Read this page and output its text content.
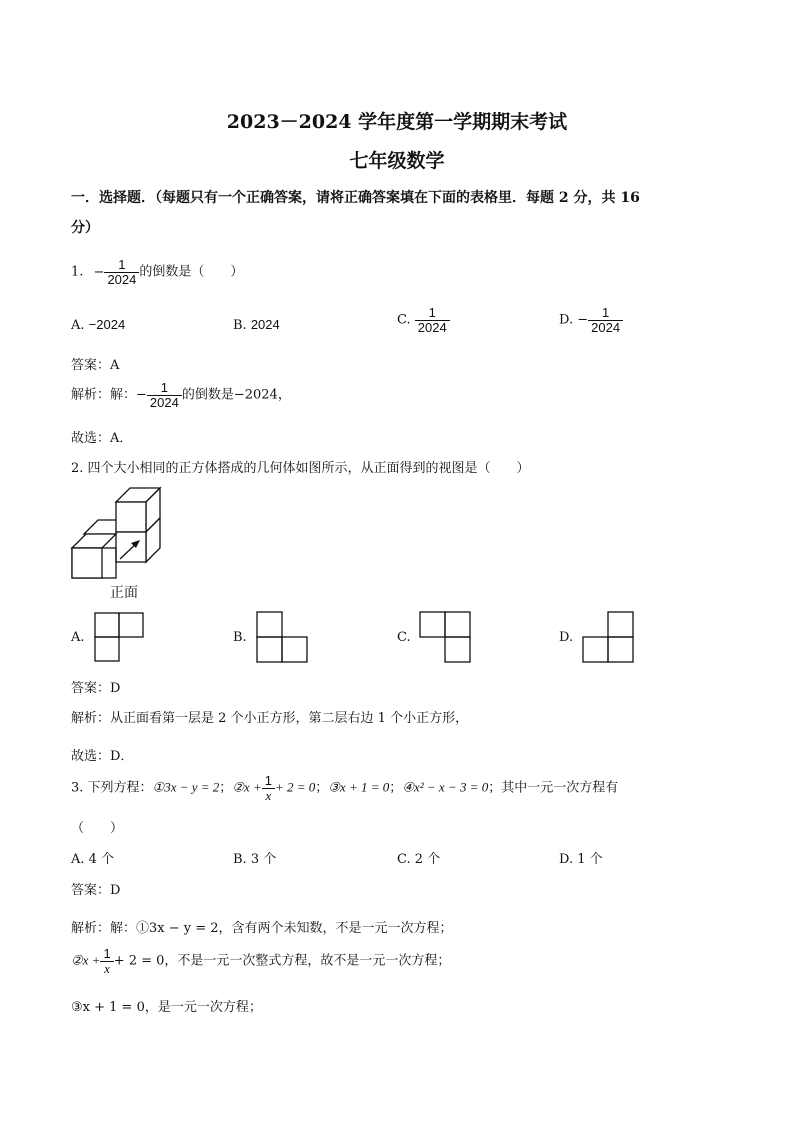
2023－2024 学年度第一学期期末考试
七年级数学
一．选择题．（每题只有一个正确答案，请将正确答案填在下面的表格里．每题 2 分，共 16
分）
1. − $\frac{1}{2024}$ 的倒数是（　　）
A. −2024	B. 2024	C. $\frac{1}{2024}$	D. − $\frac{1}{2024}$
答案：A
解析：解：− $\frac{1}{2024}$ 的倒数是−2024，
故选：A．
2. 四个大小相同的正方体搭成的几何体如图所示，从正面得到的视图是（　　）
正面
A.	B.	C.	D.
答案：D
解析：从正面看第一层是 2 个小正方形，第二层右边 1 个小正方形，
故选：D．
3. 下列方程：①3x − y = 2；②x + $\frac{1}{x} + 2 = 0$；③x + 1 = 0；④x² − x − 3 = 0；其中一元一次方程有
（　　）
A. 4 个	B. 3 个	C. 2 个	D. 1 个
答案：D
解析：解：①3x − y = 2，含有两个未知数，不是一元一次方程；
②x + $\frac{1}{x} + 2 = 0$，不是一元一次整式方程，故不是一元一次方程；
③x + 1 = 0，是一元一次方程；
